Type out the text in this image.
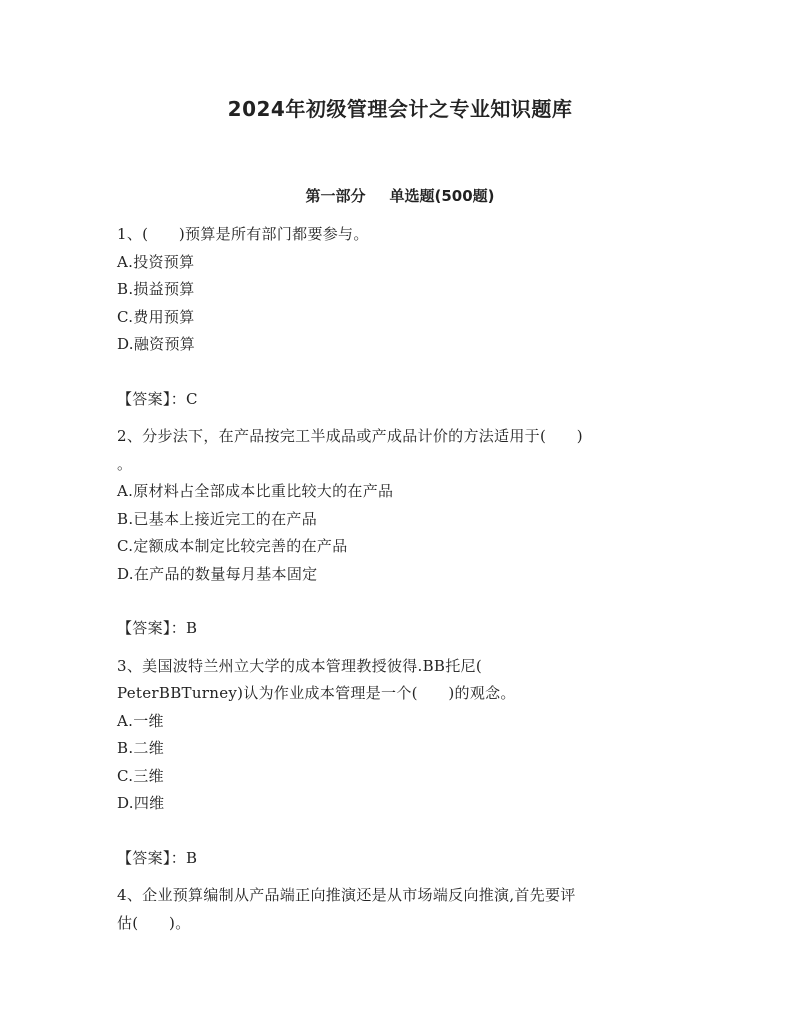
2024年初级管理会计之专业知识题库
第一部分 单选题(500题)
1、(　　)预算是所有部门都要参与。
A.投资预算
B.损益预算
C.费用预算
D.融资预算
【答案】：C
2、分步法下，在产品按完工半成品或产成品计价的方法适用于(　　)
。
A.原材料占全部成本比重比较大的在产品
B.已基本上接近完工的在产品
C.定额成本制定比较完善的在产品
D.在产品的数量每月基本固定
【答案】：B
3、美国波特兰州立大学的成本管理教授彼得.BB托尼(
PeterBBTurney)认为作业成本管理是一个(　　)的观念。
A.一维
B.二维
C.三维
D.四维
【答案】：B
4、企业预算编制从产品端正向推演还是从市场端反向推演,首先要评
估(　　)。
